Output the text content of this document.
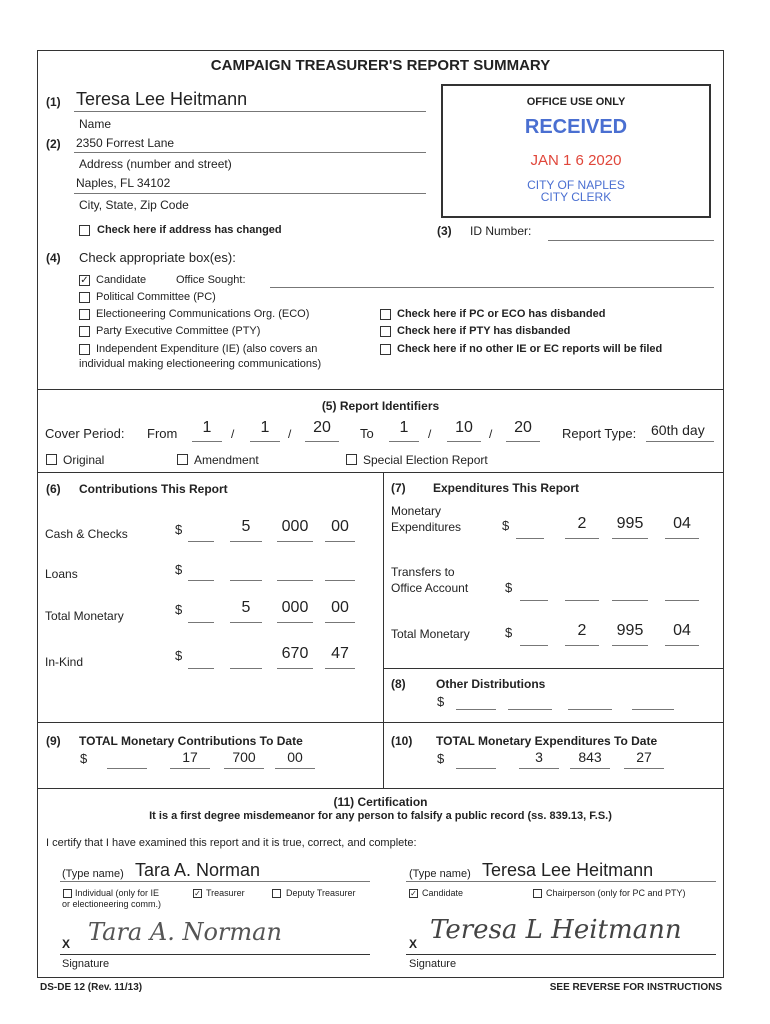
CAMPAIGN TREASURER'S REPORT SUMMARY
(1) Teresa Lee Heitmann
Name
(2) 2350 Forrest Lane
Address (number and street)
Naples, FL 34102
City, State, Zip Code
Check here if address has changed
OFFICE USE ONLY
RECEIVED
JAN 1 6 2020
CITY OF NAPLES
CITY CLERK
(3) ID Number:
(4) Check appropriate box(es):
✓ Candidate	Office Sought:
Political Committee (PC)
Electioneering Communications Org. (ECO)
Party Executive Committee (PTY)
Independent Expenditure (IE) (also covers an
individual making electioneering communications)
Check here if PC or ECO has disbanded
Check here if PTY has disbanded
Check here if no other IE or EC reports will be filed
(5) Report Identifiers
Cover Period: From	1	/	1	/	20	To	1	/	10	/	20	Report Type: 60th day
Original	Amendment	Special Election Report
(6) Contributions This Report
Cash & Checks	$	5	000	00
Loans	$
Total Monetary	$	5	000	00
In-Kind	$	670	47
(7) Expenditures This Report
Monetary
Expenditures	$	2	995	04
Transfers to
Office Account	$
Total Monetary	$	2	995	04
(8)	Other Distributions
$
(9) TOTAL Monetary Contributions To Date
$	17	700	00
(10) TOTAL Monetary Expenditures To Date
$	3	843	27
(11) Certification
It is a first degree misdemeanor for any person to falsify a public record (ss. 839.13, F.S.)
I certify that I have examined this report and it is true, correct, and complete:
(Type name) Tara A. Norman
Individual (only for IE
or electioneering comm.)
✓ Treasurer	Deputy Treasurer
X Tara A. Norman
Signature
(Type name) Teresa Lee Heitmann
✓ Candidate	Chairperson (only for PC and PTY)
X Teresa L Heitmann
Signature
DS-DE 12 (Rev. 11/13)	SEE REVERSE FOR INSTRUCTIONS
